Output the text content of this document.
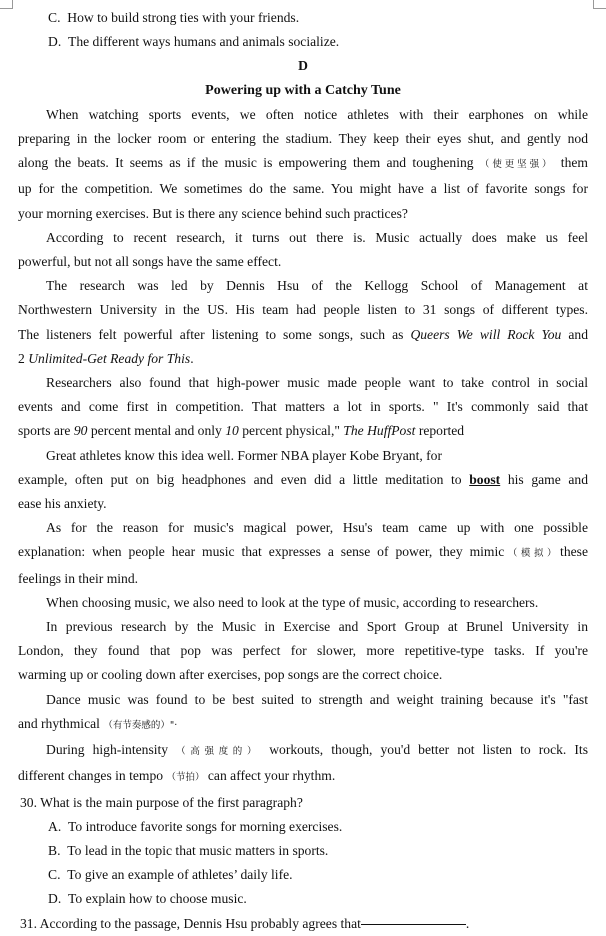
C. How to build strong ties with your friends.

D. The different ways humans and animals socialize.

D

Powering up with a Catchy Tune

When watching sports events, we often notice athletes with their earphones on while

preparing in the locker room or entering the stadium. They keep their eyes shut, and gently nod

along the beats. It seems as if the music is empowering them and toughening （使更坚强） them

up for the competition. We sometimes do the same. You might have a list of favorite songs for

your morning exercises. But is there any science behind such practices?

According to recent research, it turns out there is. Music actually does make us feel

powerful, but not all songs have the same effect.

The research was led by Dennis Hsu of the Kellogg School of Management at

Northwestern University in the US. His team had people listen to 31 songs of different types.

The listeners felt powerful after listening to some songs, such as Queers We will Rock You and

2 Unlimited-Get Ready for This.

Researchers also found that high-power music made people want to take control in social

events and come first in competition. That matters a lot in sports. " It's commonly said that

sports are 90 percent mental and only 10 percent physical," The HuffPost reported

Great athletes know this idea well. Former NBA player Kobe Bryant, for

example, often put on big headphones and even did a little meditation to boost his game and

ease his anxiety.

As for the reason for music's magical power, Hsu's team came up with one possible

explanation: when people hear music that expresses a sense of power, they mimic（模拟）these

feelings in their mind.

When choosing music, we also need to look at the type of music, according to researchers.

In previous research by the Music in Exercise and Sport Group at Brunel University in

London, they found that pop was perfect for slower, more repetitive-type tasks. If you're

warming up or cooling down after exercises, pop songs are the correct choice.

Dance music was found to be best suited to strength and weight training because it's "fast

and rhythmical （有节奏感的）"·

During high-intensity （高强度的） workouts, though, you'd better not listen to rock. Its

different changes in tempo （节拍） can affect your rhythm.

30. What is the main purpose of the first paragraph?

A. To introduce favorite songs for morning exercises.

B. To lead in the topic that music matters in sports.

C. To give an example of athletes’ daily life.

D. To explain how to choose music.

31. According to the passage, Dennis Hsu probably agrees that	.
